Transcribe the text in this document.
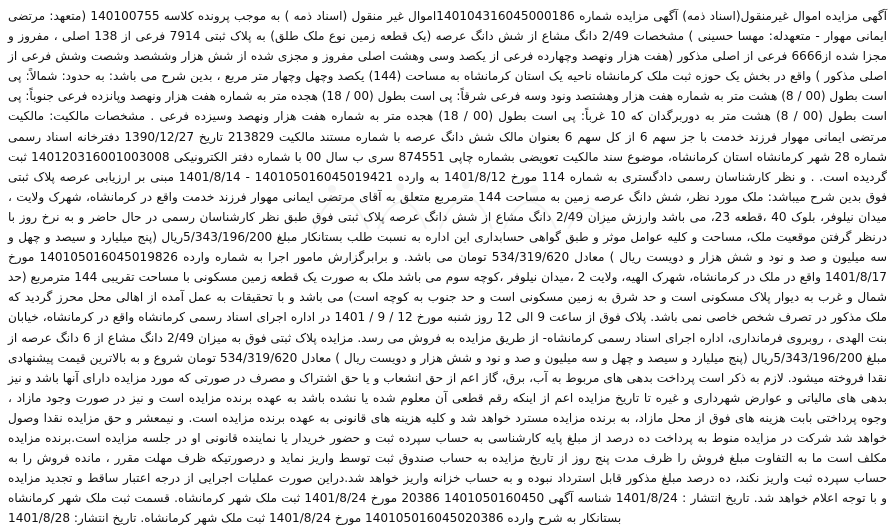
آگهی مزایده اموال غیرمنقول(اسناد ذمه) آگهی مزایده شماره 140104316045000186اموال غیر منقول (اسناد ذمه ) به موجب پرونده کلاسه 140100755 (متعهد: مرتضی ایمانی مهوار - متعهدله: مهسا حسینی ) مشخصات 2/49 دانگ مشاع از شش دانگ عرصه (یک قطعه زمین نوع ملک طلق) به پلاک ثبتی 7914 فرعی از 138 اصلی ، مفروز و مجزا شده از6666 فرعی از اصلی مذکور (هفت هزار ونهصد وچهارده فرعی از یکصد وسی وهشت اصلی مفروز و مجزی شده از شش هزار وششصد وشصت وشش فرعی از اصلی مذکور ) واقع در بخش یک حوزه ثبت ملک کرمانشاه ناحیه یک استان کرمانشاه به مساحت (144) یکصد وچهل وچهار متر مربع ، بدین شرح می باشد: به حدود: شمالاً: پی است بطول (00 / 8) هشت متر به شماره هفت هزار وهشتصد ونود وسه فرعی شرقاً: پی است بطول (00 / 18) هجده متر به شماره هفت هزار ونهصد وپانزده فرعی جنوباً: پی است بطول (00 / 8) هشت متر به دوربرگدان که 10 غرباً: پی است بطول (00 / 18) هجده متر به شماره هفت هزار ونهصد وسیزده فرعی . مشخصات مالکیت: مالکیت مرتضی ایمانی مهوار فرزند خدمت با جز سهم 6 از کل سهم 6 بعنوان مالک شش دانگ عرصه با شماره مستند مالکیت 213829 تاریخ 1390/12/27 دفترخانه اسناد رسمی شماره 28 شهر کرمانشاه استان کرمانشاه، موضوع سند مالکیت تعویضی بشماره چاپی 874551 سری ب سال 00 با شماره دفتر الکترونیکی 140120316001003008 ثبت گردیده است. . و نظر کارشناسان رسمی دادگستری به شماره 114 مورخ 1401/8/12 به وارده 140105016045019421 - 1401/8/14 مبنی بر ارزیابی عرصه پلاک ثبتی فوق بدین شرح میباشد: ملک مورد نظر، شش دانگ عرصه زمین به مساحت 144 مترمربع متعلق به آقای مرتضی ایمانی مهوار فرزند خدمت واقع در کرمانشاه، شهرک ولایت ، میدان نیلوفر، بلوک 40 ،قطعه 23، می باشد وارزش میزان 2/49 دانگ مشاع از شش دانگ عرصه پلاک ثبتی فوق طبق نظر کارشناسان رسمی در حال حاضر و به نرخ روز با درنظر گرفتن موقعیت ملک، مساحت و کلیه عوامل موثر و طبق گواهی حسابداری این اداره به نسبت طلب بستانکار مبلغ 5/343/196/200ریال (پنج میلیارد و سیصد و چهل و سه میلیون و صد و نود و شش هزار و دویست ریال ) معادل 534/319/620 تومان می باشد. و برابرگزارش مامور اجرا به شماره وارده 140105016045019826 مورخ 1401/8/17 واقع در ملک در کرمانشاه، شهرک الهیه، ولایت 2 ،میدان نیلوفر ،کوچه سوم می باشد ملک به صورت یک قطعه زمین مسکونی با مساحت تقریبی 144 مترمربع (حد شمال و غرب به دیوار پلاک مسکونی است و حد شرق به زمین مسکونی است و حد جنوب به کوچه است) می باشد و با تحقیقات به عمل آمده از اهالی محل محرز گردید که ملک مذکور در تصرف شخص خاصی نمی باشد. پلاک فوق از ساعت 9 الی 12 روز شنبه مورخ 12 / 9 / 1401 در اداره اجرای اسناد رسمی کرمانشاه واقع در کرمانشاه، خیابان بنت الهدی ، روبروی فرمانداری، اداره اجرای اسناد رسمی کرمانشاه- از طریق مزایده به فروش می رسد. مزایده پلاک ثبتی فوق به میزان 2/49 دانگ مشاع از 6 دانگ عرصه از مبلغ 5/343/196/200ریال (پنج میلیارد و سیصد و چهل و سه میلیون و صد و نود و شش هزار و دویست ریال ) معادل 534/319/620 تومان شروع و به بالاترین قیمت پیشنهادی نقدا فروخته میشود. لازم به ذکر است پرداخت بدهی های مربوط به آب، برق، گاز اعم از حق انشعاب و یا حق اشتراک و مصرف در صورتی که مورد مزایده دارای آنها باشد و نیز بدهی های مالیاتی و عوارض شهرداری و غیره تا تاریخ مزایده اعم از اینکه رقم قطعی آن معلوم شده یا نشده باشد به عهده برنده مزایده است و نیز در صورت وجود مازاد ، وجوه پرداختی بابت هزینه های فوق از محل مازاد، به برنده مزایده مسترد خواهد شد و کلیه هزینه های قانونی به عهده برنده مزایده است. و نیمعشر و حق مزایده نقدا وصول خواهد شد شرکت در مزایده منوط به پرداخت ده درصد از مبلغ پایه کارشناسی به حساب سپرده ثبت و حضور خریدار یا نماینده قانونی او در جلسه مزایده است.برنده مزایده مکلف است ما به التفاوت مبلغ فروش را ظرف مدت پنج روز از تاریخ مزایده به حساب صندوق ثبت توسط واریز نماید و درصورتیکه ظرف مهلت مقرر ، مانده فروش را به حساب سپرده ثبت واریز نکند، ده درصد مبلغ مذکور قابل استرداد نبوده و به حساب خزانه واریز خواهد شد.دراین صورت عملیات اجرایی از درجه اعتبار ساقط و تجدید مزایده خواهد شد. تاریخ انتشار : 1401/8/24 شناسه آگهی 1401050160450 20386 مورخ 1401/8/24 ثبت ملک شهر کرمانشاه. قسمت ثبت ملک شهر کرمانشاه و با توجه اعلام بستانکار به شرح وارده 140105016045020386 مورخ 1401/8/24 ثبت ملک شهر کرمانشاه. تاریخ انتشار: 1401/8/28
